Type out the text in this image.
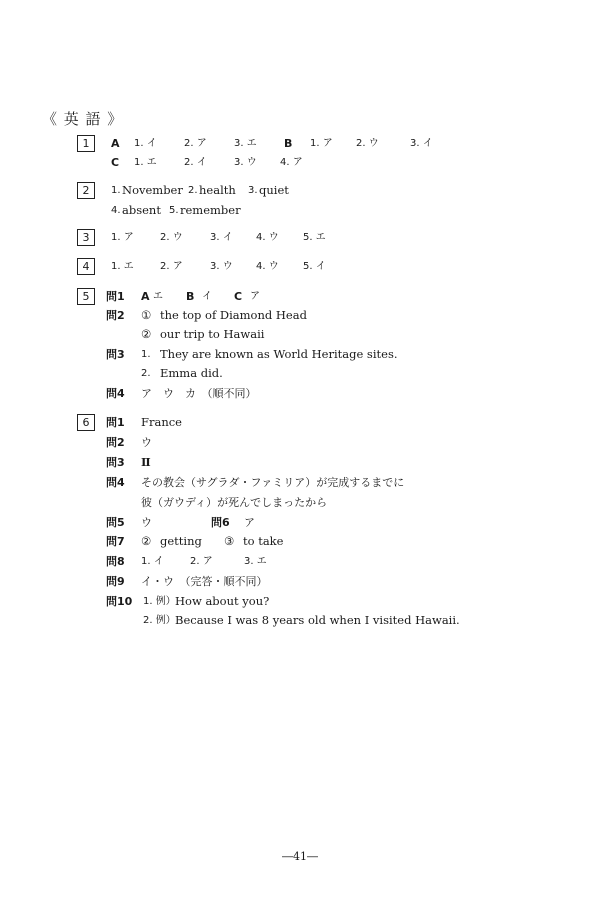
《 英 語 》
1	A 1. イ	2. ア	3. エ B 1. ア 2. ウ	3. イ
C 1. エ	2. イ	3. ウ 4. ア
2	1. November 2. health 3. quiet
4. absent 5. remember
3	1. ア	2. ウ	3. イ 4. ウ 5. エ
4	1. エ	2. ア	3. ウ 4. ウ 5. イ
5	問1 A エ B イ C ア
問2 ① the top of Diamond Head
② our trip to Hawaii
問3 1. They are known as World Heritage sites.
2. Emma did.
問4 ア　ウ　カ　（順不同）
6	問1 France
問2 ウ
問3 Ⅱ
問4 その教会（サグラダ・ファミリア）が完成するまでに
彼（ガウディ）が死んでしまったから
問5 ウ	問6 ア
問7 ② getting ③ to take
問8 1. イ	2. ア	3. エ
問9 イ・ウ　（完答・順不同）
問10 1. 例） How about you?
2. 例） Because I was 8 years old when I visited Hawaii.
―41―
